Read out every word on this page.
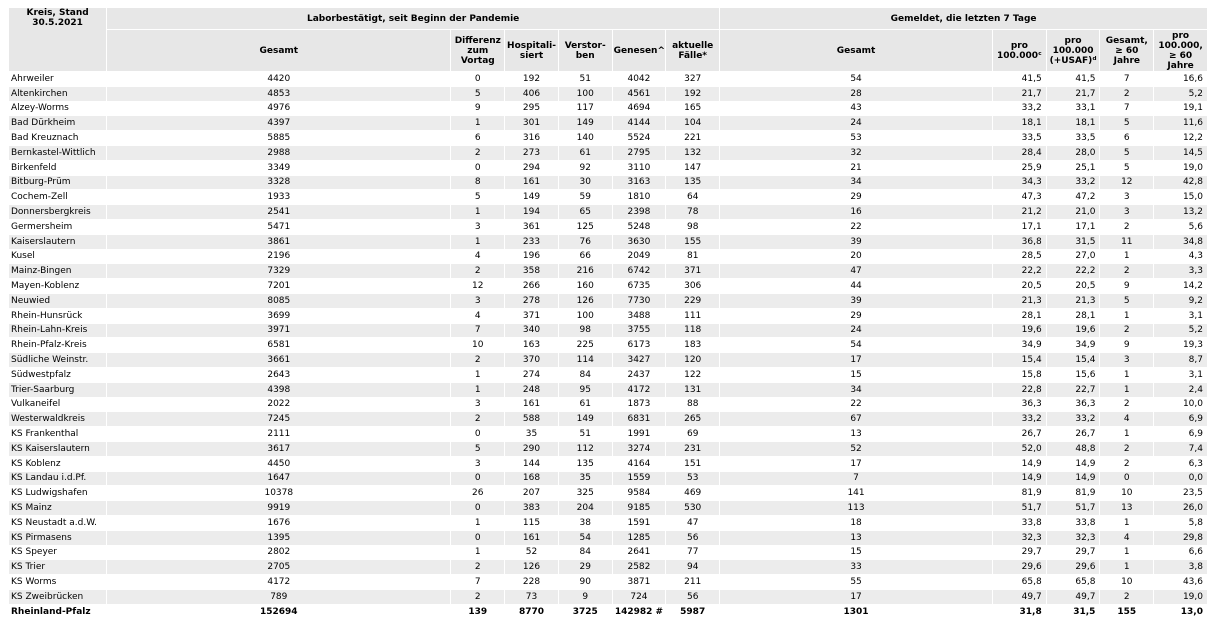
Kreis, Stand
30.5.2021	Laborbestätigt, seit Beginn der Pandemie						Gemeldet, die letzten 7 Tage				
	Gesamt	Differenz zum Vortag	Hospitali- siert	Verstor- ben	Genesen^	aktuelle Fälle*	Gesamt	pro 100.000ᶜ	pro 100.000 (+USAF)ᵈ	Gesamt, ≥ 60 Jahre	pro 100.000, ≥ 60 Jahre
Ahrweiler	4420	0	192	51	4042	327	54	41,5	41,5	7	16,6
Altenkirchen	4853	5	406	100	4561	192	28	21,7	21,7	2	5,2
Alzey-Worms	4976	9	295	117	4694	165	43	33,2	33,1	7	19,1
Bad Dürkheim	4397	1	301	149	4144	104	24	18,1	18,1	5	11,6
Bad Kreuznach	5885	6	316	140	5524	221	53	33,5	33,5	6	12,2
Bernkastel-Wittlich	2988	2	273	61	2795	132	32	28,4	28,0	5	14,5
Birkenfeld	3349	0	294	92	3110	147	21	25,9	25,1	5	19,0
Bitburg-Prüm	3328	8	161	30	3163	135	34	34,3	33,2	12	42,8
Cochem-Zell	1933	5	149	59	1810	64	29	47,3	47,2	3	15,0
Donnersbergkreis	2541	1	194	65	2398	78	16	21,2	21,0	3	13,2
Germersheim	5471	3	361	125	5248	98	22	17,1	17,1	2	5,6
Kaiserslautern	3861	1	233	76	3630	155	39	36,8	31,5	11	34,8
Kusel	2196	4	196	66	2049	81	20	28,5	27,0	1	4,3
Mainz-Bingen	7329	2	358	216	6742	371	47	22,2	22,2	2	3,3
Mayen-Koblenz	7201	12	266	160	6735	306	44	20,5	20,5	9	14,2
Neuwied	8085	3	278	126	7730	229	39	21,3	21,3	5	9,2
Rhein-Hunsrück	3699	4	371	100	3488	111	29	28,1	28,1	1	3,1
Rhein-Lahn-Kreis	3971	7	340	98	3755	118	24	19,6	19,6	2	5,2
Rhein-Pfalz-Kreis	6581	10	163	225	6173	183	54	34,9	34,9	9	19,3
Südliche Weinstr.	3661	2	370	114	3427	120	17	15,4	15,4	3	8,7
Südwestpfalz	2643	1	274	84	2437	122	15	15,8	15,6	1	3,1
Trier-Saarburg	4398	1	248	95	4172	131	34	22,8	22,7	1	2,4
Vulkaneifel	2022	3	161	61	1873	88	22	36,3	36,3	2	10,0
Westerwaldkreis	7245	2	588	149	6831	265	67	33,2	33,2	4	6,9
KS Frankenthal	2111	0	35	51	1991	69	13	26,7	26,7	1	6,9
KS Kaiserslautern	3617	5	290	112	3274	231	52	52,0	48,8	2	7,4
KS Koblenz	4450	3	144	135	4164	151	17	14,9	14,9	2	6,3
KS Landau i.d.Pf.	1647	0	168	35	1559	53	7	14,9	14,9	0	0,0
KS Ludwigshafen	10378	26	207	325	9584	469	141	81,9	81,9	10	23,5
KS Mainz	9919	0	383	204	9185	530	113	51,7	51,7	13	26,0
KS Neustadt a.d.W.	1676	1	115	38	1591	47	18	33,8	33,8	1	5,8
KS Pirmasens	1395	0	161	54	1285	56	13	32,3	32,3	4	29,8
KS Speyer	2802	1	52	84	2641	77	15	29,7	29,7	1	6,6
KS Trier	2705	2	126	29	2582	94	33	29,6	29,6	1	3,8
KS Worms	4172	7	228	90	3871	211	55	65,8	65,8	10	43,6
KS Zweibrücken	789	2	73	9	724	56	17	49,7	49,7	2	19,0
Rheinland-Pfalz	152694	139	8770	3725	142982 #	5987	1301	31,8	31,5	155	13,0
